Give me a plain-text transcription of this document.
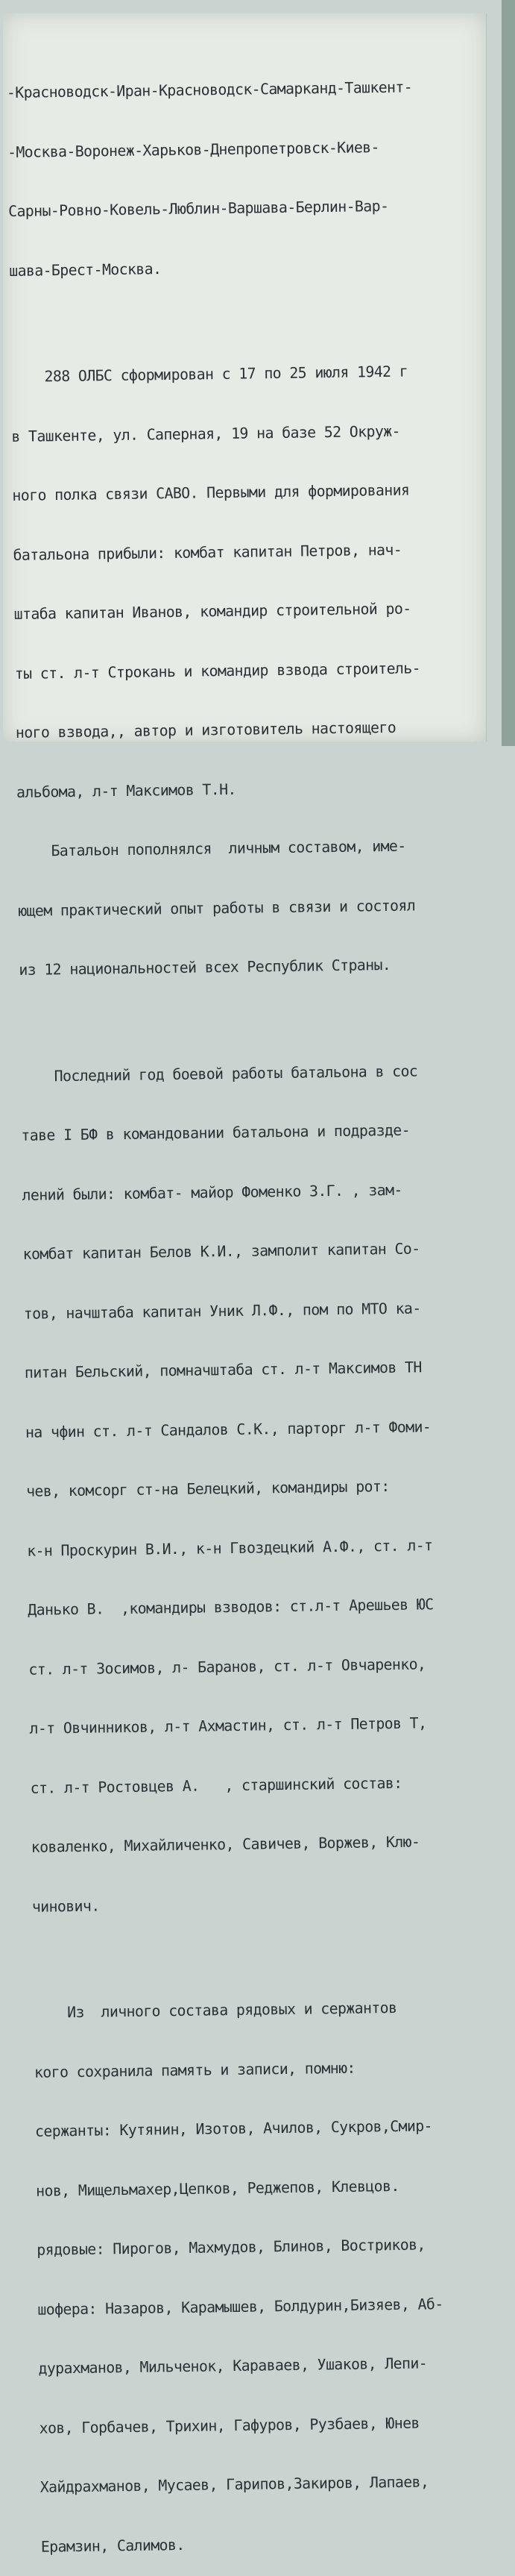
-Красноводск-Иран-Красноводск-Самарканд-Ташкент-

-Москва-Воронеж-Харьков-Днепропетровск-Киев-

Сарны-Ровно-Ковель-Люблин-Варшава-Берлин-Вар-

шава-Брест-Москва.

288 ОЛБС сформирован с 17 по 25 июля 1942 г

в Ташкенте, ул. Саперная, 19 на базе 52 Окруж-

ного полка связи САВО. Первыми для формирования

батальона прибыли: комбат капитан Петров, нач-

штаба капитан Иванов, командир строительной ро-

ты ст. л-т Строкань и командир взвода строитель-

ного взвода,, автор и изготовитель настоящего

альбома, л-т Максимов Т.Н.

Батальон пополнялся  личным составом, име-

ющем практический опыт работы в связи и состоял

из 12 национальностей всех Республик Страны.

Последний год боевой работы батальона в сос

таве I БФ в командовании батальона и подразде-

лений были: комбат- майор Фоменко З.Г. , зам-

комбат капитан Белов К.И., замполит капитан Со-

тов, начштаба капитан Уник Л.Ф., пом по МТО ка-

питан Бельский, помначштаба ст. л-т Максимов ТН

на чфин ст. л-т Сандалов С.К., парторг л-т Фоми-

чев, комсорг ст-на Белецкий, командиры рот:

к-н Проскурин В.И., к-н Гвоздецкий А.Ф., ст. л-т

Данько В.  ,командиры взводов: ст.л-т Арешьев ЮС

ст. л-т Зосимов, л- Баранов, ст. л-т Овчаренко,

л-т Овчинников, л-т Ахмастин, ст. л-т Петров Т,

ст. л-т Ростовцев А.   , старшинский состав:

коваленко, Михайличенко, Савичев, Воржев, Клю-

чинович.

Из  личного состава рядовых и сержантов

кого сохранила память и записи, помню:

сержанты: Кутянин, Изотов, Ачилов, Сукров,Смир-

нов, Мищельмахер,Цепков, Реджепов, Клевцов.

рядовые: Пирогов, Махмудов, Блинов, Востриков,

шофера: Назаров, Карамышев, Болдурин,Бизяев, Аб-

дурахманов, Мильченок, Караваев, Ушаков, Лепи-

хов, Горбачев, Трихин, Гафуров, Рузбаев, Юнев

Хайдрахманов, Мусаев, Гарипов,Закиров, Лапаев,

Ерамзин, Салимов.
